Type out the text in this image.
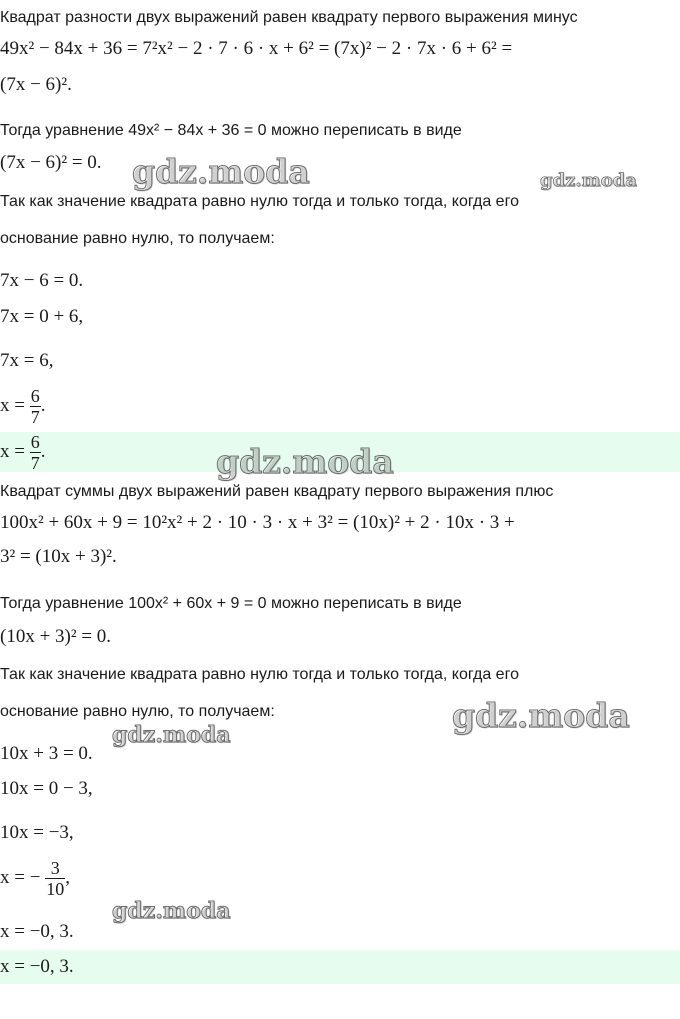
Квадрат разности двух выражений равен квадрату первого выражения минус
49x² − 84x + 36 = 7²x² − 2 · 7 · 6 · x + 6² = (7x)² − 2 · 7x · 6 + 6² =
(7x − 6)².
Тогда уравнение 49x² − 84x + 36 = 0 можно переписать в виде
(7x − 6)² = 0.
Так как значение квадрата равно нулю тогда и только тогда, когда его
основание равно нулю, то получаем:
7x − 6 = 0.
7x = 0 + 6,
7x = 6,
$x = \frac{6}{7}$ .
$x = \frac{6}{7}$ .
Квадрат суммы двух выражений равен квадрату первого выражения плюс
100x² + 60x + 9 = 10²x² + 2 · 10 · 3 · x + 3² = (10x)² + 2 · 10x · 3 +
3² = (10x + 3)².
Тогда уравнение 100x² + 60x + 9 = 0 можно переписать в виде
(10x + 3)² = 0.
Так как значение квадрата равно нулю тогда и только тогда, когда его
основание равно нулю, то получаем:
10x + 3 = 0.
10x = 0 − 3,
10x = −3,
x = − $\frac{3}{10}$ ,
x = −0, 3.
x = −0, 3.
gdz.moda	gdz.moda
gdz.moda
gdz.moda
gdz.moda
gdz.moda
